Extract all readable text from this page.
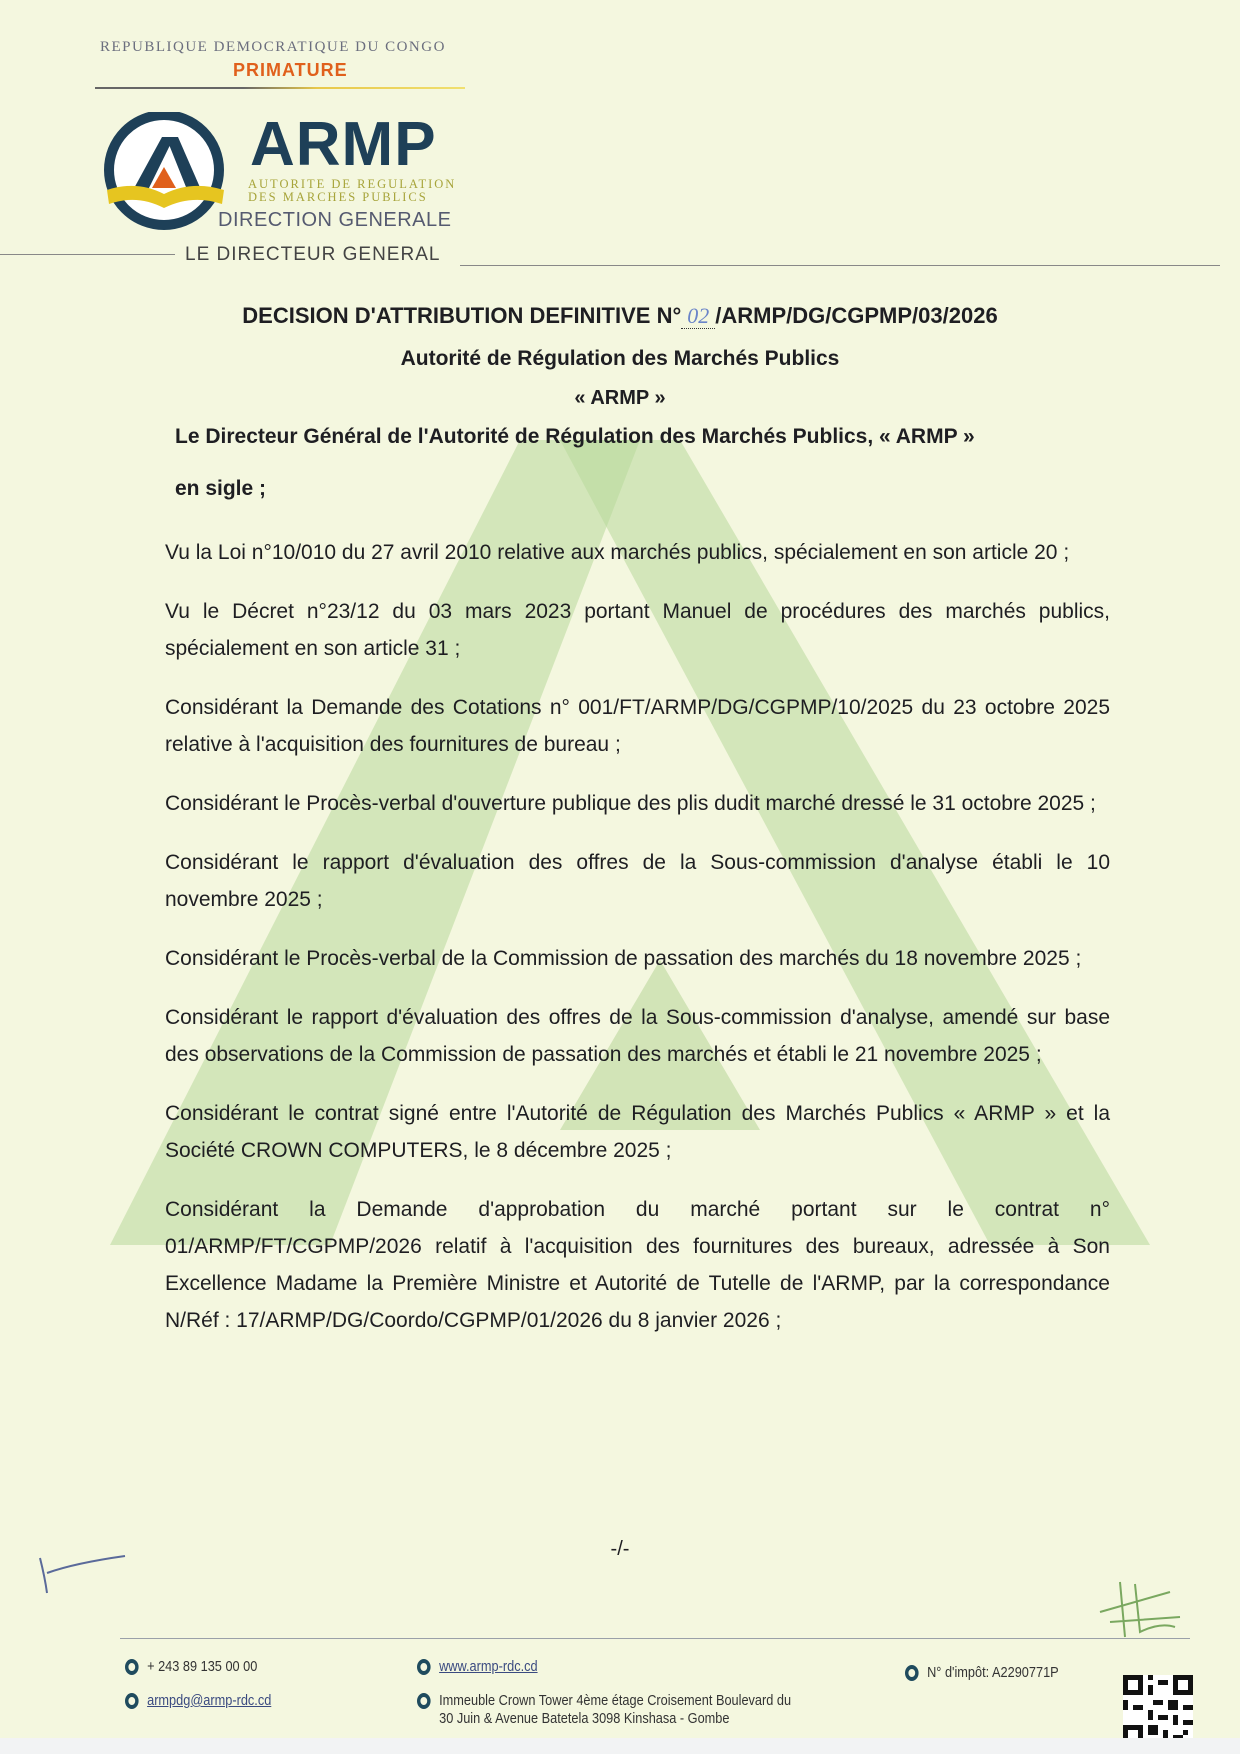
REPUBLIQUE DEMOCRATIQUE DU CONGO
PRIMATURE
ARMP
AUTORITE DE REGULATION
DES MARCHES PUBLICS
DIRECTION GENERALE
LE DIRECTEUR GENERAL
DECISION D'ATTRIBUTION DEFINITIVE N° 02 /ARMP/DG/CGPMP/03/2026
Autorité de Régulation des Marchés Publics
« ARMP »
Le Directeur Général de l'Autorité de Régulation des Marchés Publics, « ARMP »
en sigle ;

Vu la Loi n°10/010 du 27 avril 2010 relative aux marchés publics, spécialement en son article 20 ;

Vu le Décret n°23/12 du 03 mars 2023 portant Manuel de procédures des marchés publics, spécialement en son article 31 ;

Considérant la Demande des Cotations n° 001/FT/ARMP/DG/CGPMP/10/2025 du 23 octobre 2025 relative à l'acquisition des fournitures de bureau ;

Considérant le Procès-verbal d'ouverture publique des plis dudit marché dressé le 31 octobre 2025 ;

Considérant le rapport d'évaluation des offres de la Sous-commission d'analyse établi le 10 novembre 2025 ;

Considérant le Procès-verbal de la Commission de passation des marchés du 18 novembre 2025 ;

Considérant le rapport d'évaluation des offres de la Sous-commission d'analyse, amendé sur base des observations de la Commission de passation des marchés et établi le 21 novembre 2025 ;

Considérant le contrat signé entre l'Autorité de Régulation des Marchés Publics « ARMP » et la Société CROWN COMPUTERS, le 8 décembre 2025 ;

Considérant la Demande d'approbation du marché portant sur le contrat n° 01/ARMP/FT/CGPMP/2026 relatif à l'acquisition des fournitures des bureaux, adressée à Son Excellence Madame la Première Ministre et Autorité de Tutelle de l'ARMP, par la correspondance N/Réf : 17/ARMP/DG/Coordo/CGPMP/01/2026 du 8 janvier 2026 ;

-/-
+ 243 89 135 00 00
armpdg@armp-rdc.cd
www.armp-rdc.cd
Immeuble Crown Tower 4ème étage Croisement Boulevard du
30 Juin & Avenue Batetela 3098 Kinshasa - Gombe
N° d'impôt: A2290771P
